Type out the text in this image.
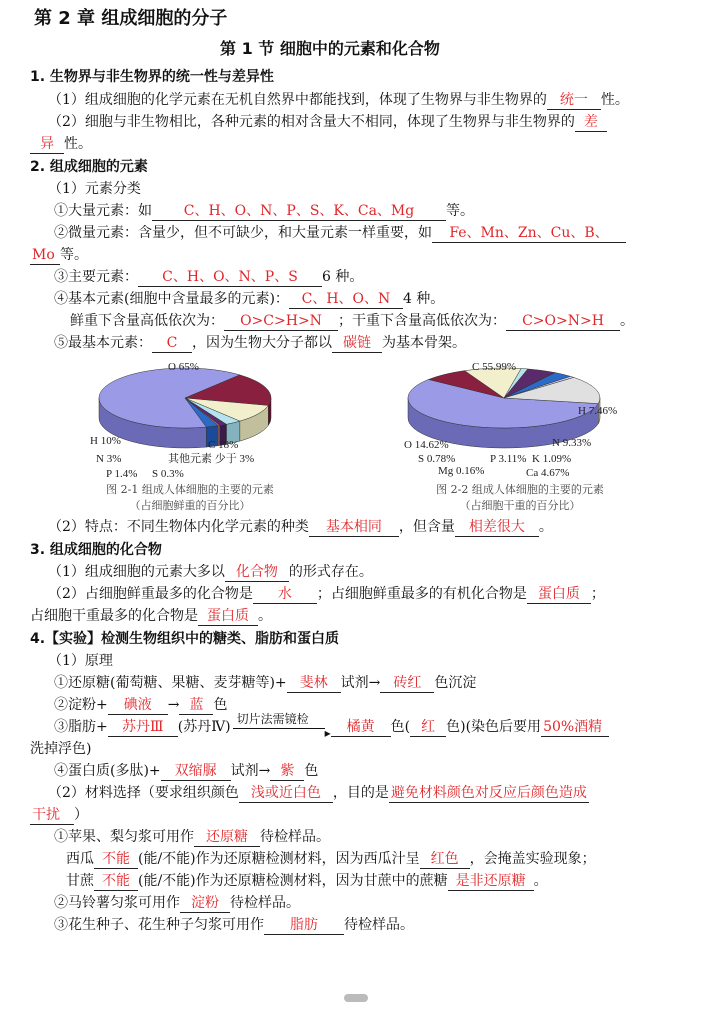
第 2 章 组成细胞的分子
第 1 节 细胞中的元素和化合物
1. 生物界与非生物界的统一性与差异性
（1）组成细胞的化学元素在无机自然界中都能找到，体现了生物界与非生物界的 统一 性。
（2）细胞与非生物相比，各种元素的相对含量大不相同，体现了生物界与非生物界的 差
异 性。
2. 组成细胞的元素
（1）元素分类
①大量元素：如 C、H、O、N、P、S、K、Ca、Mg 等。
②微量元素：含量少，但不可缺少，和大量元素一样重要，如 Fe、Mn、Zn、Cu、B、
Mo 等。
③主要元素： C、H、O、N、P、S 6 种。
④基本元素(细胞中含量最多的元素)： C、H、O、N 4 种。
鲜重下含量高低依次为： O>C>H>N ；干重下含量高低依次为： C>O>N>H 。
⑤最基本元素： C ，因为生物大分子都以 碳链 为基本骨架。
O 65%
C 18%
H 10%
N 3%
P 1.4% S 0.3%
其他元素 少于 3%
C 55.99%
H 7.46%
N 9.33%
K 1.09%
Ca 4.67%
Mg 0.16%
P 3.11%
S 0.78%
O 14.62%
图 2-1 组成人体细胞的主要的元素
（占细胞鲜重的百分比）
图 2-2 组成人体细胞的主要的元素
（占细胞干重的百分比）
（2）特点：不同生物体内化学元素的种类 基本相同 ，但含量 相差很大 。
3. 组成细胞的化合物
（1）组成细胞的元素大多以 化合物 的形式存在。
（2）占细胞鲜重最多的化合物是 水 ；占细胞鲜重最多的有机化合物是 蛋白质 ；
占细胞干重最多的化合物是 蛋白质 。
4.【实验】检测生物组织中的糖类、脂肪和蛋白质
（1）原理
①还原糖(葡萄糖、果糖、麦芽糖等)+ 斐林 试剂→ 砖红 色沉淀
②淀粉+ 碘液 → 蓝 色
③脂肪+ 苏丹Ⅲ (苏丹Ⅳ) 切片法需镜检
▸ 橘黄 色( 红 色)(染色后要用 50%酒精
洗掉浮色)
④蛋白质(多肽)+ 双缩脲 试剂→ 紫 色
（2）材料选择（要求组织颜色 浅或近白色 ，目的是 避免材料颜色对反应后颜色造成
干扰 ）
①苹果、梨匀浆可用作 还原糖 待检样品。
西瓜 不能 (能/不能)作为还原糖检测材料，因为西瓜汁呈 红色 ，会掩盖实验现象；
甘蔗 不能 (能/不能)作为还原糖检测材料，因为甘蔗中的蔗糖 是非还原糖 。
②马铃薯匀浆可用作 淀粉 待检样品。
③花生种子、花生种子匀浆可用作 脂肪 待检样品。
